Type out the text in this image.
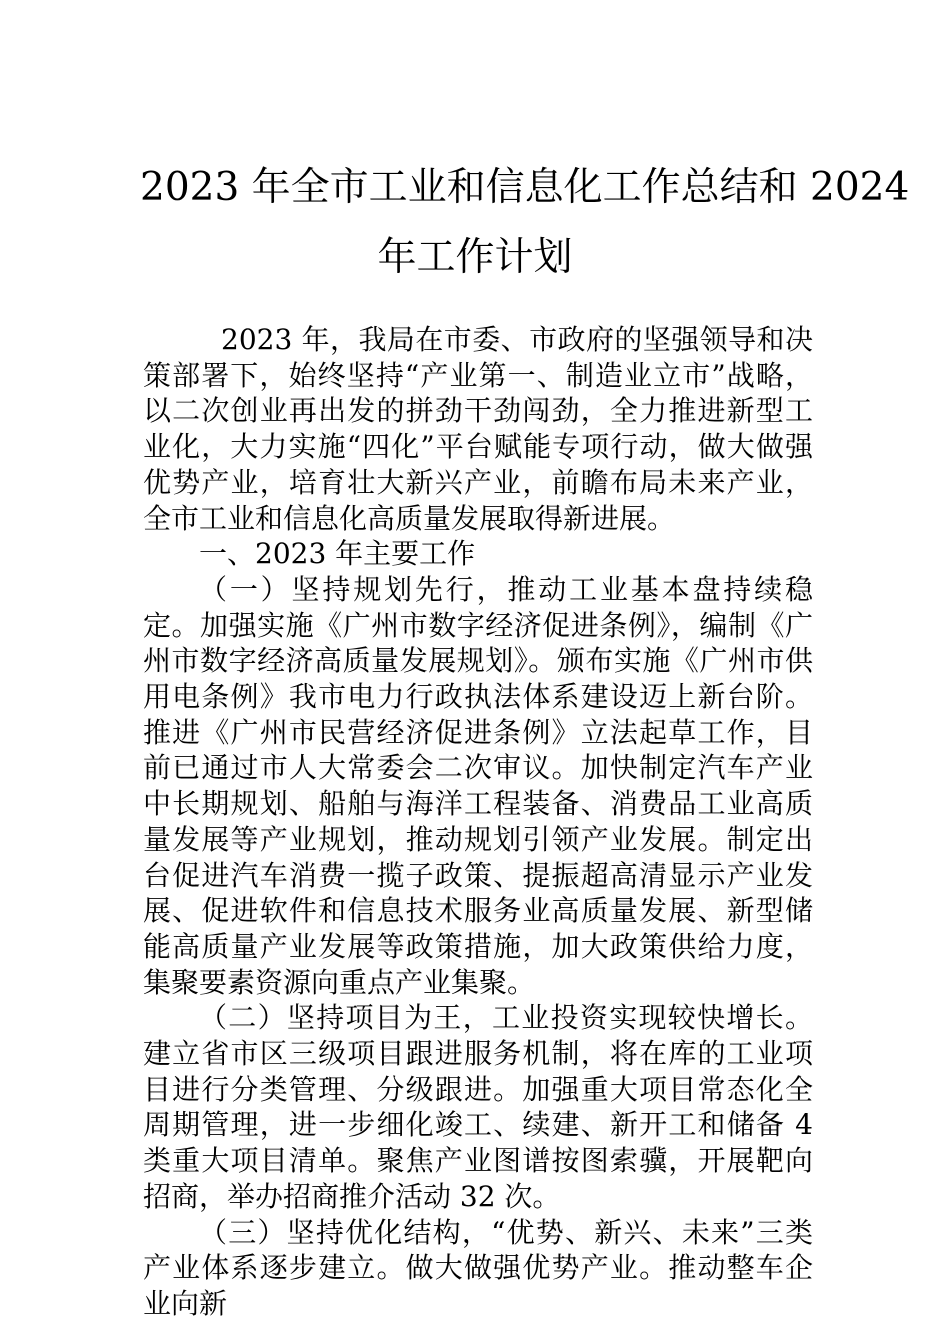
2023 年全市工业和信息化工作总结和 2024
年工作计划

2023 年，我局在市委、市政府的坚强领导和决策部署下，始终坚持“产业第一、制造业立市”战略，以二次创业再出发的拼劲干劲闯劲，全力推进新型工业化，大力实施“四化”平台赋能专项行动，做大做强优势产业，培育壮大新兴产业，前瞻布局未来产业，全市工业和信息化高质量发展取得新进展。

一、2023 年主要工作

（一）坚持规划先行，推动工业基本盘持续稳定。加强实施《广州市数字经济促进条例》，编制《广州市数字经济高质量发展规划》。颁布实施《广州市供用电条例》我市电力行政执法体系建设迈上新台阶。推进《广州市民营经济促进条例》立法起草工作，目前已通过市人大常委会二次审议。加快制定汽车产业中长期规划、船舶与海洋工程装备、消费品工业高质量发展等产业规划，推动规划引领产业发展。制定出台促进汽车消费一揽子政策、提振超高清显示产业发展、促进软件和信息技术服务业高质量发展、新型储能高质量产业发展等政策措施，加大政策供给力度，集聚要素资源向重点产业集聚。

（二）坚持项目为王，工业投资实现较快增长。建立省市区三级项目跟进服务机制，将在库的工业项目进行分类管理、分级跟进。加强重大项目常态化全周期管理，进一步细化竣工、续建、新开工和储备 4 类重大项目清单。聚焦产业图谱按图索骥，开展靶向招商，举办招商推介活动 32 次。

（三）坚持优化结构，“优势、新兴、未来”三类产业体系逐步建立。做大做强优势产业。推动整车企业向新
